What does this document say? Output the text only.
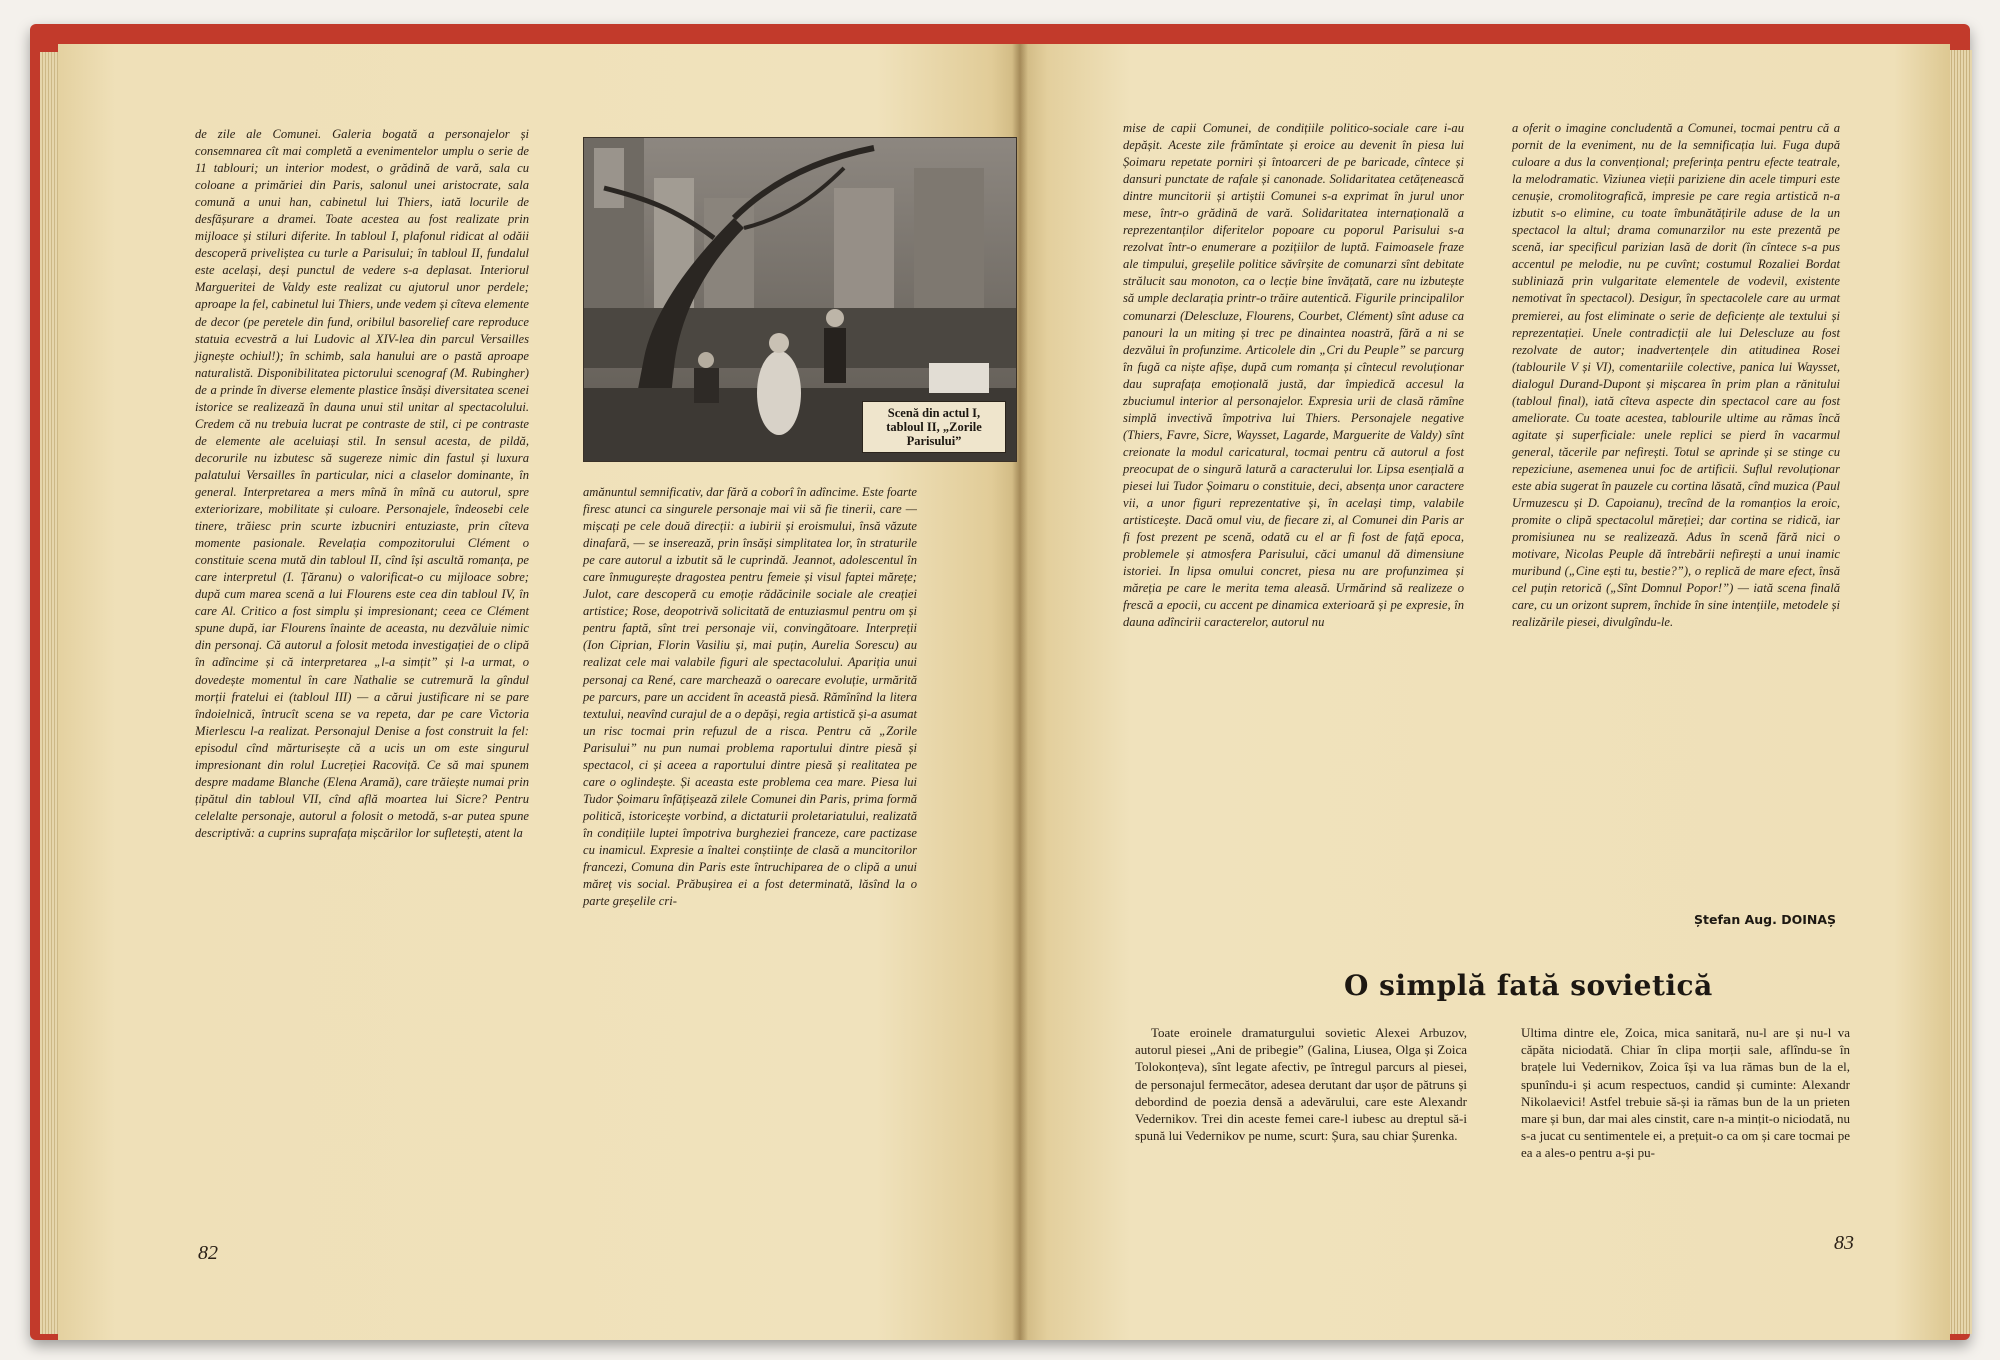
de zile ale Comunei. Galeria bogată a personajelor și consemnarea cît mai completă a evenimentelor umplu o serie de 11 tablouri; un interior modest, o grădină de vară, sala cu coloane a primăriei din Paris, salonul unei aristocrate, sala comună a unui han, cabinetul lui Thiers, iată locurile de desfășurare a dramei. Toate acestea au fost realizate prin mijloace și stiluri diferite. In tabloul I, plafonul ridicat al odăii descoperă priveliștea cu turle a Parisului; în tabloul II, fundalul este același, deși punctul de vedere s-a deplasat. Interiorul Margueritei de Valdy este realizat cu ajutorul unor perdele; aproape la fel, cabinetul lui Thiers, unde vedem și cîteva elemente de decor (pe peretele din fund, oribilul basorelief care reproduce statuia ecvestră a lui Ludovic al XIV-lea din parcul Versailles jignește ochiul!); în schimb, sala hanului are o pastă aproape naturalistă. Disponibilitatea pictorului scenograf (M. Rubingher) de a prinde în diverse elemente plastice însăși diversitatea scenei istorice se realizează în dauna unui stil unitar al spectacolului. Credem că nu trebuia lucrat pe contraste de stil, ci pe contraste de elemente ale aceluiași stil. In sensul acesta, de pildă, decorurile nu izbutesc să sugereze nimic din fastul și luxura palatului Versailles în particular, nici a claselor dominante, în general. Interpretarea a mers mînă în mînă cu autorul, spre exteriorizare, mobilitate și culoare. Personajele, îndeosebi cele tinere, trăiesc prin scurte izbucniri entuziaste, prin cîteva momente pasionale. Revelația compozitorului Clément o constituie scena mută din tabloul II, cînd își ascultă romanța, pe care interpretul (I. Țăranu) o valorificat-o cu mijloace sobre; după cum marea scenă a lui Flourens este cea din tabloul IV, în care Al. Critico a fost simplu și impresionant; ceea ce Clément spune după, iar Flourens înainte de aceasta, nu dezvăluie nimic din personaj. Că autorul a folosit metoda investigației de o clipă în adîncime și că interpretarea „l-a simțit” și l-a urmat, o dovedește momentul în care Nathalie se cutremură la gîndul morții fratelui ei (tabloul III) — a cărui justificare ni se pare îndoielnică, întrucît scena se va repeta, dar pe care Victoria Mierlescu l-a realizat. Personajul Denise a fost construit la fel: episodul cînd mărturisește că a ucis un om este singurul impresionant din rolul Lucreției Racoviță. Ce să mai spunem despre madame Blanche (Elena Aramă), care trăiește numai prin țipătul din tabloul VII, cînd află moartea lui Sicre? Pentru celelalte personaje, autorul a folosit o metodă, s-ar putea spune descriptivă: a cuprins suprafața mișcărilor lor sufletești, atent la

Scenă din actul I, tabloul II, „Zorile Parisului”

amănuntul semnificativ, dar fără a coborî în adîncime. Este foarte firesc atunci ca singurele personaje mai vii să fie tinerii, care — mișcați pe cele două direcții: a iubirii și eroismului, însă văzute dinafară, — se inserează, prin însăși simplitatea lor, în straturile pe care autorul a izbutit să le cuprindă. Jeannot, adolescentul în care înmugurește dragostea pentru femeie și visul faptei mărețe; Julot, care descoperă cu emoție rădăcinile sociale ale creației artistice; Rose, deopotrivă solicitată de entuziasmul pentru om și pentru faptă, sînt trei personaje vii, convingătoare. Interpreții (Ion Ciprian, Florin Vasiliu și, mai puțin, Aurelia Sorescu) au realizat cele mai valabile figuri ale spectacolului. Apariția unui personaj ca René, care marchează o oarecare evoluție, urmărită pe parcurs, pare un accident în această piesă. Rămînînd la litera textului, neavînd curajul de a o depăși, regia artistică și-a asumat un risc tocmai prin refuzul de a risca. Pentru că „Zorile Parisului” nu pun numai problema raportului dintre piesă și spectacol, ci și aceea a raportului dintre piesă și realitatea pe care o oglindește. Și aceasta este problema cea mare. Piesa lui Tudor Șoimaru înfățișează zilele Comunei din Paris, prima formă politică, istoricește vorbind, a dictaturii proletariatului, realizată în condițiile luptei împotriva burgheziei franceze, care pactizase cu inamicul. Expresie a înaltei conștiințe de clasă a muncitorilor francezi, Comuna din Paris este întruchiparea de o clipă a unui măreț vis social. Prăbușirea ei a fost determinată, lăsînd la o parte greșelile cri-

82

mise de capii Comunei, de condițiile politico-sociale care i-au depășit. Aceste zile frămîntate și eroice au devenit în piesa lui Șoimaru repetate porniri și întoarceri de pe baricade, cîntece și dansuri punctate de rafale și canonade. Solidaritatea cetățenească dintre muncitorii și artiștii Comunei s-a exprimat în jurul unor mese, într-o grădină de vară. Solidaritatea internațională a reprezentanților diferitelor popoare cu poporul Parisului s-a rezolvat într-o enumerare a pozițiilor de luptă. Faimoasele fraze ale timpului, greșelile politice săvîrșite de comunarzi sînt debitate strălucit sau monoton, ca o lecție bine învățată, care nu izbutește să umple declarația printr-o trăire autentică. Figurile principalilor comunarzi (Delescluze, Flourens, Courbet, Clément) sînt aduse ca panouri la un miting și trec pe dinaintea noastră, fără a ni se dezvălui în profunzime. Articolele din „Cri du Peuple” se parcurg în fugă ca niște afișe, după cum romanța și cîntecul revoluționar dau suprafața emoțională justă, dar împiedică accesul la zbuciumul interior al personajelor. Expresia urii de clasă rămîne simplă invectivă împotriva lui Thiers. Personajele negative (Thiers, Favre, Sicre, Waysset, Lagarde, Marguerite de Valdy) sînt creionate la modul caricatural, tocmai pentru că autorul a fost preocupat de o singură latură a caracterului lor. Lipsa esențială a piesei lui Tudor Șoimaru o constituie, deci, absența unor caractere vii, a unor figuri reprezentative și, în același timp, valabile artisticește. Dacă omul viu, de fiecare zi, al Comunei din Paris ar fi fost prezent pe scenă, odată cu el ar fi fost de față epoca, problemele și atmosfera Parisului, căci umanul dă dimensiune istoriei. In lipsa omului concret, piesa nu are profunzimea și măreția pe care le merita tema aleasă. Urmărind să realizeze o frescă a epocii, cu accent pe dinamica exterioară și pe expresie, în dauna adîncirii caracterelor, autorul nu

a oferit o imagine concludentă a Comunei, tocmai pentru că a pornit de la eveniment, nu de la semnificația lui. Fuga după culoare a dus la convențional; preferința pentru efecte teatrale, la melodramatic. Viziunea vieții pariziene din acele timpuri este cenușie, cromolitografică, impresie pe care regia artistică n-a izbutit s-o elimine, cu toate îmbunătățirile aduse de la un spectacol la altul; drama comunarzilor nu este prezentă pe scenă, iar specificul parizian lasă de dorit (în cîntece s-a pus accentul pe melodie, nu pe cuvînt; costumul Rozaliei Bordat subliniază prin vulgaritate elementele de vodevil, existente nemotivat în spectacol). Desigur, în spectacolele care au urmat premierei, au fost eliminate o serie de deficiențe ale textului și reprezentației. Unele contradicții ale lui Delescluze au fost rezolvate de autor; inadvertențele din atitudinea Rosei (tablourile V și VI), comentariile colective, panica lui Waysset, dialogul Durand-Dupont și mișcarea în prim plan a rănitului (tabloul final), iată cîteva aspecte din spectacol care au fost ameliorate. Cu toate acestea, tablourile ultime au rămas încă agitate și superficiale: unele replici se pierd în vacarmul general, tăcerile par nefirești. Totul se aprinde și se stinge cu repeziciune, asemenea unui foc de artificii. Suflul revoluționar este abia sugerat în pauzele cu cortina lăsată, cînd muzica (Paul Urmuzescu și D. Capoianu), trecînd de la romanțios la eroic, promite o clipă spectacolul măreției; dar cortina se ridică, iar promisiunea nu se realizează. Adus în scenă fără nici o motivare, Nicolas Peuple dă întrebării nefirești a unui inamic muribund („Cine ești tu, bestie?”), o replică de mare efect, însă cel puțin retorică („Sînt Domnul Popor!”) — iată scena finală care, cu un orizont suprem, închide în sine intențiile, metodele și realizările piesei, divulgîndu-le.

Ștefan Aug. DOINAȘ
O simplă fată sovietică

Toate eroinele dramaturgului sovietic Alexei Arbuzov, autorul piesei „Ani de pribegie” (Galina, Liusea, Olga și Zoica Tolokonțeva), sînt legate afectiv, pe întregul parcurs al piesei, de personajul fermecător, adesea derutant dar ușor de pătruns și debordind de poezia densă a adevărului, care este Alexandr Vedernikov. Trei din aceste femei care-l iubesc au dreptul să-i spună lui Vedernikov pe nume, scurt: Șura, sau chiar Șurenka.

Ultima dintre ele, Zoica, mica sanitară, nu-l are și nu-l va căpăta niciodată. Chiar în clipa morții sale, aflîndu-se în brațele lui Vedernikov, Zoica își va lua rămas bun de la el, spunîndu-i și acum respectuos, candid și cuminte: Alexandr Nikolaevici! Astfel trebuie să-și ia rămas bun de la un prieten mare și bun, dar mai ales cinstit, care n-a mințit-o niciodată, nu s-a jucat cu sentimentele ei, a prețuit-o ca om și care tocmai pe ea a ales-o pentru a-și pu-

83
